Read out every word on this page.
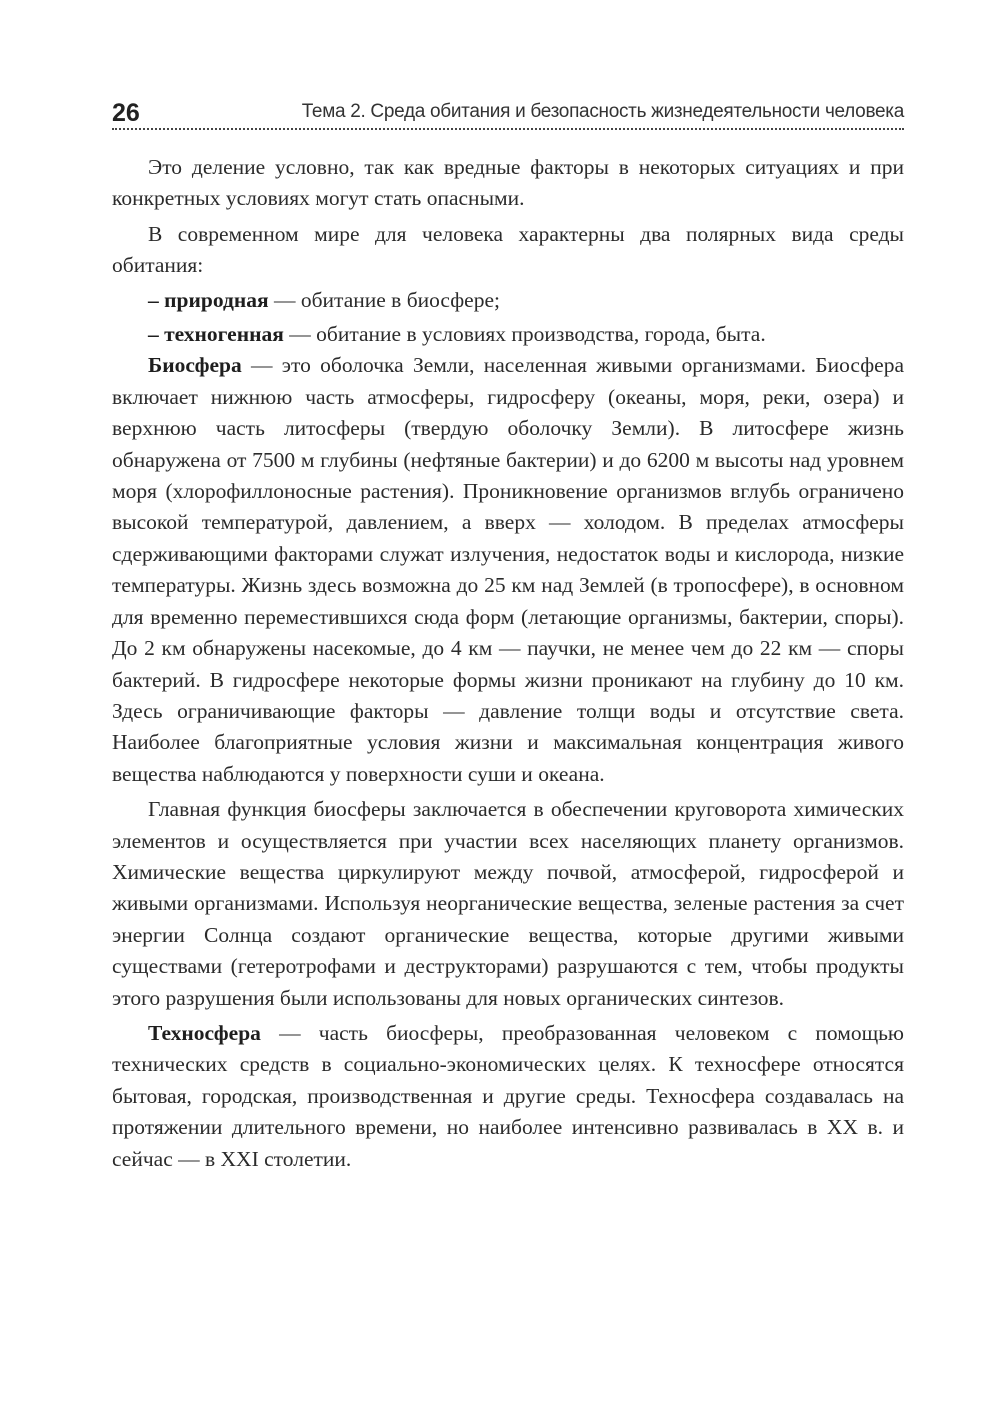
26	Тема 2. Среда обитания и безопасность жизнедеятельности человека

Это деление условно, так как вредные факторы в некоторых ситуациях и при конкретных условиях могут стать опасными.

В современном мире для человека характерны два полярных вида среды обитания:

– природная — обитание в биосфере;

– техногенная — обитание в условиях производства, города, быта.

Биосфера — это оболочка Земли, населенная живыми организмами. Биосфера включает нижнюю часть атмосферы, гидросферу (океаны, моря, реки, озера) и верхнюю часть литосферы (твердую оболочку Земли). В литосфере жизнь обнаружена от 7500 м глубины (нефтяные бактерии) и до 6200 м высоты над уровнем моря (хлорофиллоносные растения). Проникновение организмов вглубь ограничено высокой температурой, давлением, а вверх — холодом. В пределах атмосферы сдерживающими факторами служат излучения, недостаток воды и кислорода, низкие температуры. Жизнь здесь возможна до 25 км над Землей (в тропосфере), в основном для временно переместившихся сюда форм (летающие организмы, бактерии, споры). До 2 км обнаружены насекомые, до 4 км — паучки, не менее чем до 22 км — споры бактерий. В гидросфере некоторые формы жизни проникают на глубину до 10 км. Здесь ограничивающие факторы — давление толщи воды и отсутствие света. Наиболее благоприятные условия жизни и максимальная концентрация живого вещества наблюдаются у поверхности суши и океана.

Главная функция биосферы заключается в обеспечении круговорота химических элементов и осуществляется при участии всех населяющих планету организмов. Химические вещества циркулируют между почвой, атмосферой, гидросферой и живыми организмами. Используя неорганические вещества, зеленые растения за счет энергии Солнца создают органические вещества, которые другими живыми существами (гетеротрофами и деструкторами) разрушаются с тем, чтобы продукты этого разрушения были использованы для новых органических синтезов.

Техносфера — часть биосферы, преобразованная человеком с помощью технических средств в социально-экономических целях. К техносфере относятся бытовая, городская, производственная и другие среды. Техносфера создавалась на протяжении длительного времени, но наиболее интенсивно развивалась в XX в. и сейчас — в XXI столетии.
